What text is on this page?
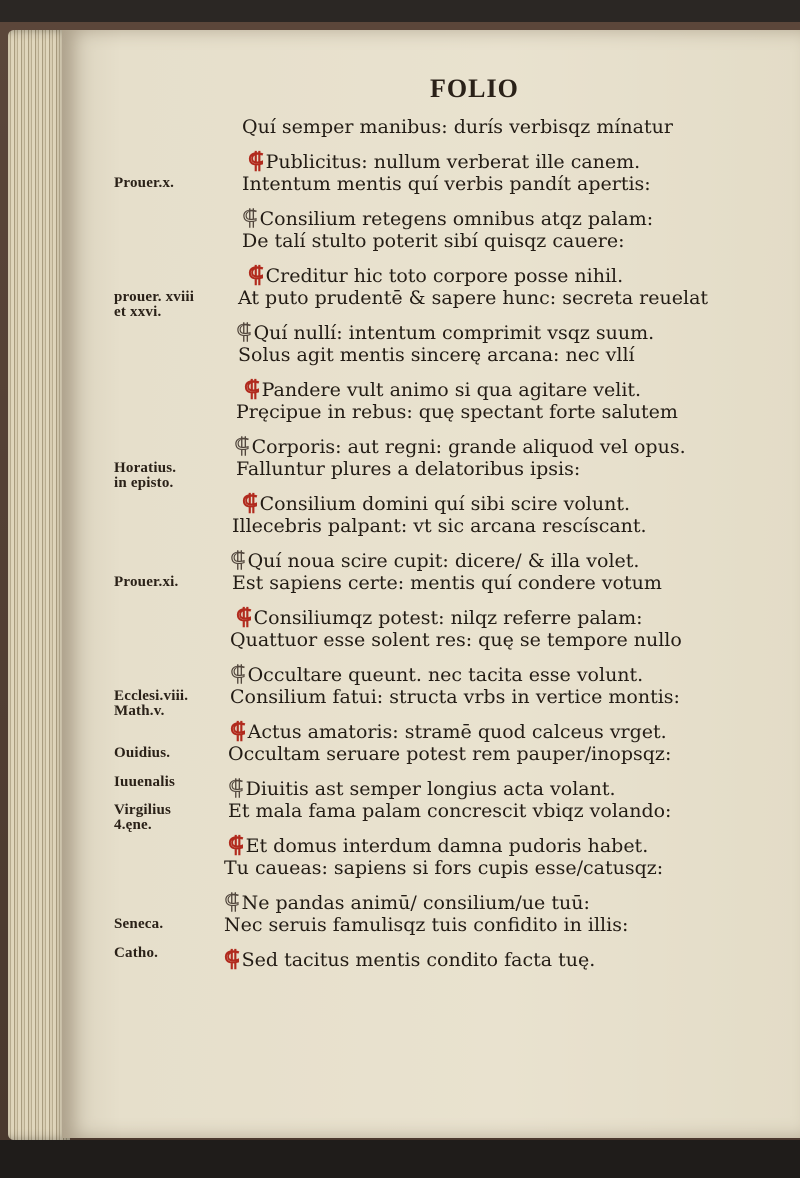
FOLIO
Quí semper manibus: durís verbisqz mínatur
⸿ Publicitus: nullum verberat ille canem.
Prouer.x.	Intentum mentis quí verbis pandít apertis:
⸿ Consilium retegens omnibus atqz palam:
De talí stulto poterit sibí quisqz cauere:
⸿ Creditur hic toto corpore posse nihil.
prouer. xviii
et xxvi.
At puto prudentē & sapere hunc: secreta reuelat
⸿ Quí nullí: intentum comprimit vsqz suum.
Solus agit mentis sincerę arcana: nec vllí
⸿ Pandere vult animo si qua agitare velit.
Pręcipue in rebus: quę spectant forte salutem
⸿ Corporis: aut regni: grande aliquod vel opus.
Horatius.
in episto.
Falluntur plures a delatoribus ipsis:
⸿ Consilium domini quí sibi scire volunt.
Illecebris palpant: vt sic arcana rescíscant.
⸿ Quí noua scire cupit: dicere/ & illa volet.
Prouer.xi.	Est sapiens certe: mentis quí condere votum
⸿ Consiliumqz potest: nilqz referre palam:
Quattuor esse solent res: quę se tempore nullo
⸿ Occultare queunt. nec tacita esse volunt.
Ecclesi.viii.
Math.v.
Consilium fatui: structa vrbs in vertice montis:
⸿ Actus amatoris: stramē quod calceus vrget.
Ouidius.	Occultam seruare potest rem pauper/inopsqz:
Iuuenalis	⸿ Diuitis ast semper longius acta volant.
Virgilius
4.ęne.
Et mala fama palam concrescit vbiqz volando:
⸿ Et domus interdum damna pudoris habet.
Tu caueas: sapiens si fors cupis esse/catusqz:
⸿ Ne pandas animū/ consilium/ue tuū:
Seneca.	Nec seruis famulisqz tuis confidito in illis:
Catho.	⸿ Sed tacitus mentis condito facta tuę.
